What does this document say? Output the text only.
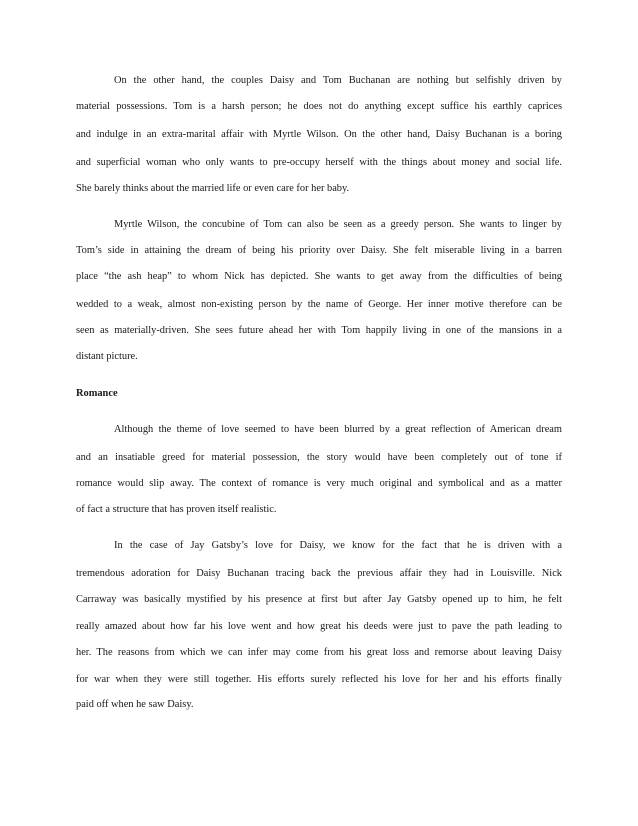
On the other hand, the couples Daisy and Tom Buchanan are nothing but selfishly driven by
material possessions. Tom is a harsh person; he does not do anything except suffice his earthly caprices
and indulge in an extra-marital affair with Myrtle Wilson. On the other hand, Daisy Buchanan is a boring
and superficial woman who only wants to pre-occupy herself with the things about money and social life.
She barely thinks about the married life or even care for her baby.
Myrtle Wilson, the concubine of Tom can also be seen as a greedy person. She wants to linger by
Tom’s side in attaining the dream of being his priority over Daisy. She felt miserable living in a barren
place “the ash heap” to whom Nick has depicted. She wants to get away from the difficulties of being
wedded to a weak, almost non-existing person by the name of George. Her inner motive therefore can be
seen as materially-driven. She sees future ahead her with Tom happily living in one of the mansions in a
distant picture.
Romance
Although the theme of love seemed to have been blurred by a great reflection of American dream
and an insatiable greed for material possession, the story would have been completely out of tone if
romance would slip away. The context of romance is very much original and symbolical and as a matter
of fact a structure that has proven itself realistic.
In the case of Jay Gatsby’s love for Daisy, we know for the fact that he is driven with a
tremendous adoration for Daisy Buchanan tracing back the previous affair they had in Louisville. Nick
Carraway was basically mystified by his presence at first but after Jay Gatsby opened up to him, he felt
really amazed about how far his love went and how great his deeds were just to pave the path leading to
her. The reasons from which we can infer may come from his great loss and remorse about leaving Daisy
for war when they were still together. His efforts surely reflected his love for her and his efforts finally
paid off when he saw Daisy.
